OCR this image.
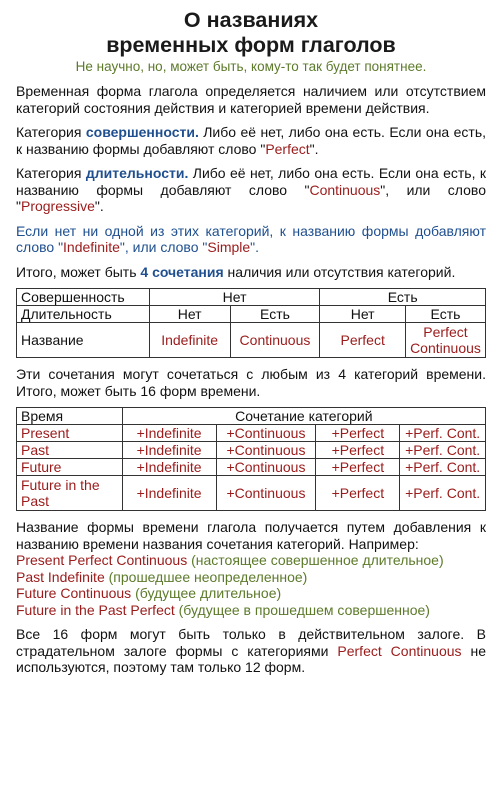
О названиях
временных форм глаголов
Не научно, но, может быть, кому-то так будет понятнее.

Временная форма глагола определяется наличием или отсутствием категорий состояния действия и категорией времени действия.

Категория совершенности. Либо её нет, либо она есть. Если она есть, к названию формы добавляют слово "Perfect".

Категория длительности. Либо её нет, либо она есть. Если она есть, к названию формы добавляют слово "Continuous", или слово "Progressive".

Если нет ни одной из этих категорий, к названию формы добавляют слово "Indefinite", или слово "Simple".

Итого, может быть 4 сочетания наличия или отсутствия категорий.

Совершенность	Нет		Есть	
Длительность	Нет	Есть	Нет	Есть
Название	Indefinite	Continuous	Perfect	Perfect Continuous

Эти сочетания могут сочетаться с любым из 4 категорий времени. Итого, может быть 16 форм времени.

Время	Сочетание категорий			
Present	+Indefinite	+Continuous	+Perfect	+Perf. Cont.
Past	+Indefinite	+Continuous	+Perfect	+Perf. Cont.
Future	+Indefinite	+Continuous	+Perfect	+Perf. Cont.
Future in the Past	+Indefinite	+Continuous	+Perfect	+Perf. Cont.

Название формы времени глагола получается путем добавления к названию времени названия сочетания категорий. Например:

Present Perfect Continuous (настоящее совершенное длительное)
Past Indefinite (прошедшее неопределенное)
Future Continuous (будущее длительное)
Future in the Past Perfect (будущее в прошедшем совершенное)

Все 16 форм могут быть только в действительном залоге. В страдательном залоге формы с категориями Perfect Continuous не используются, поэтому там только 12 форм.
